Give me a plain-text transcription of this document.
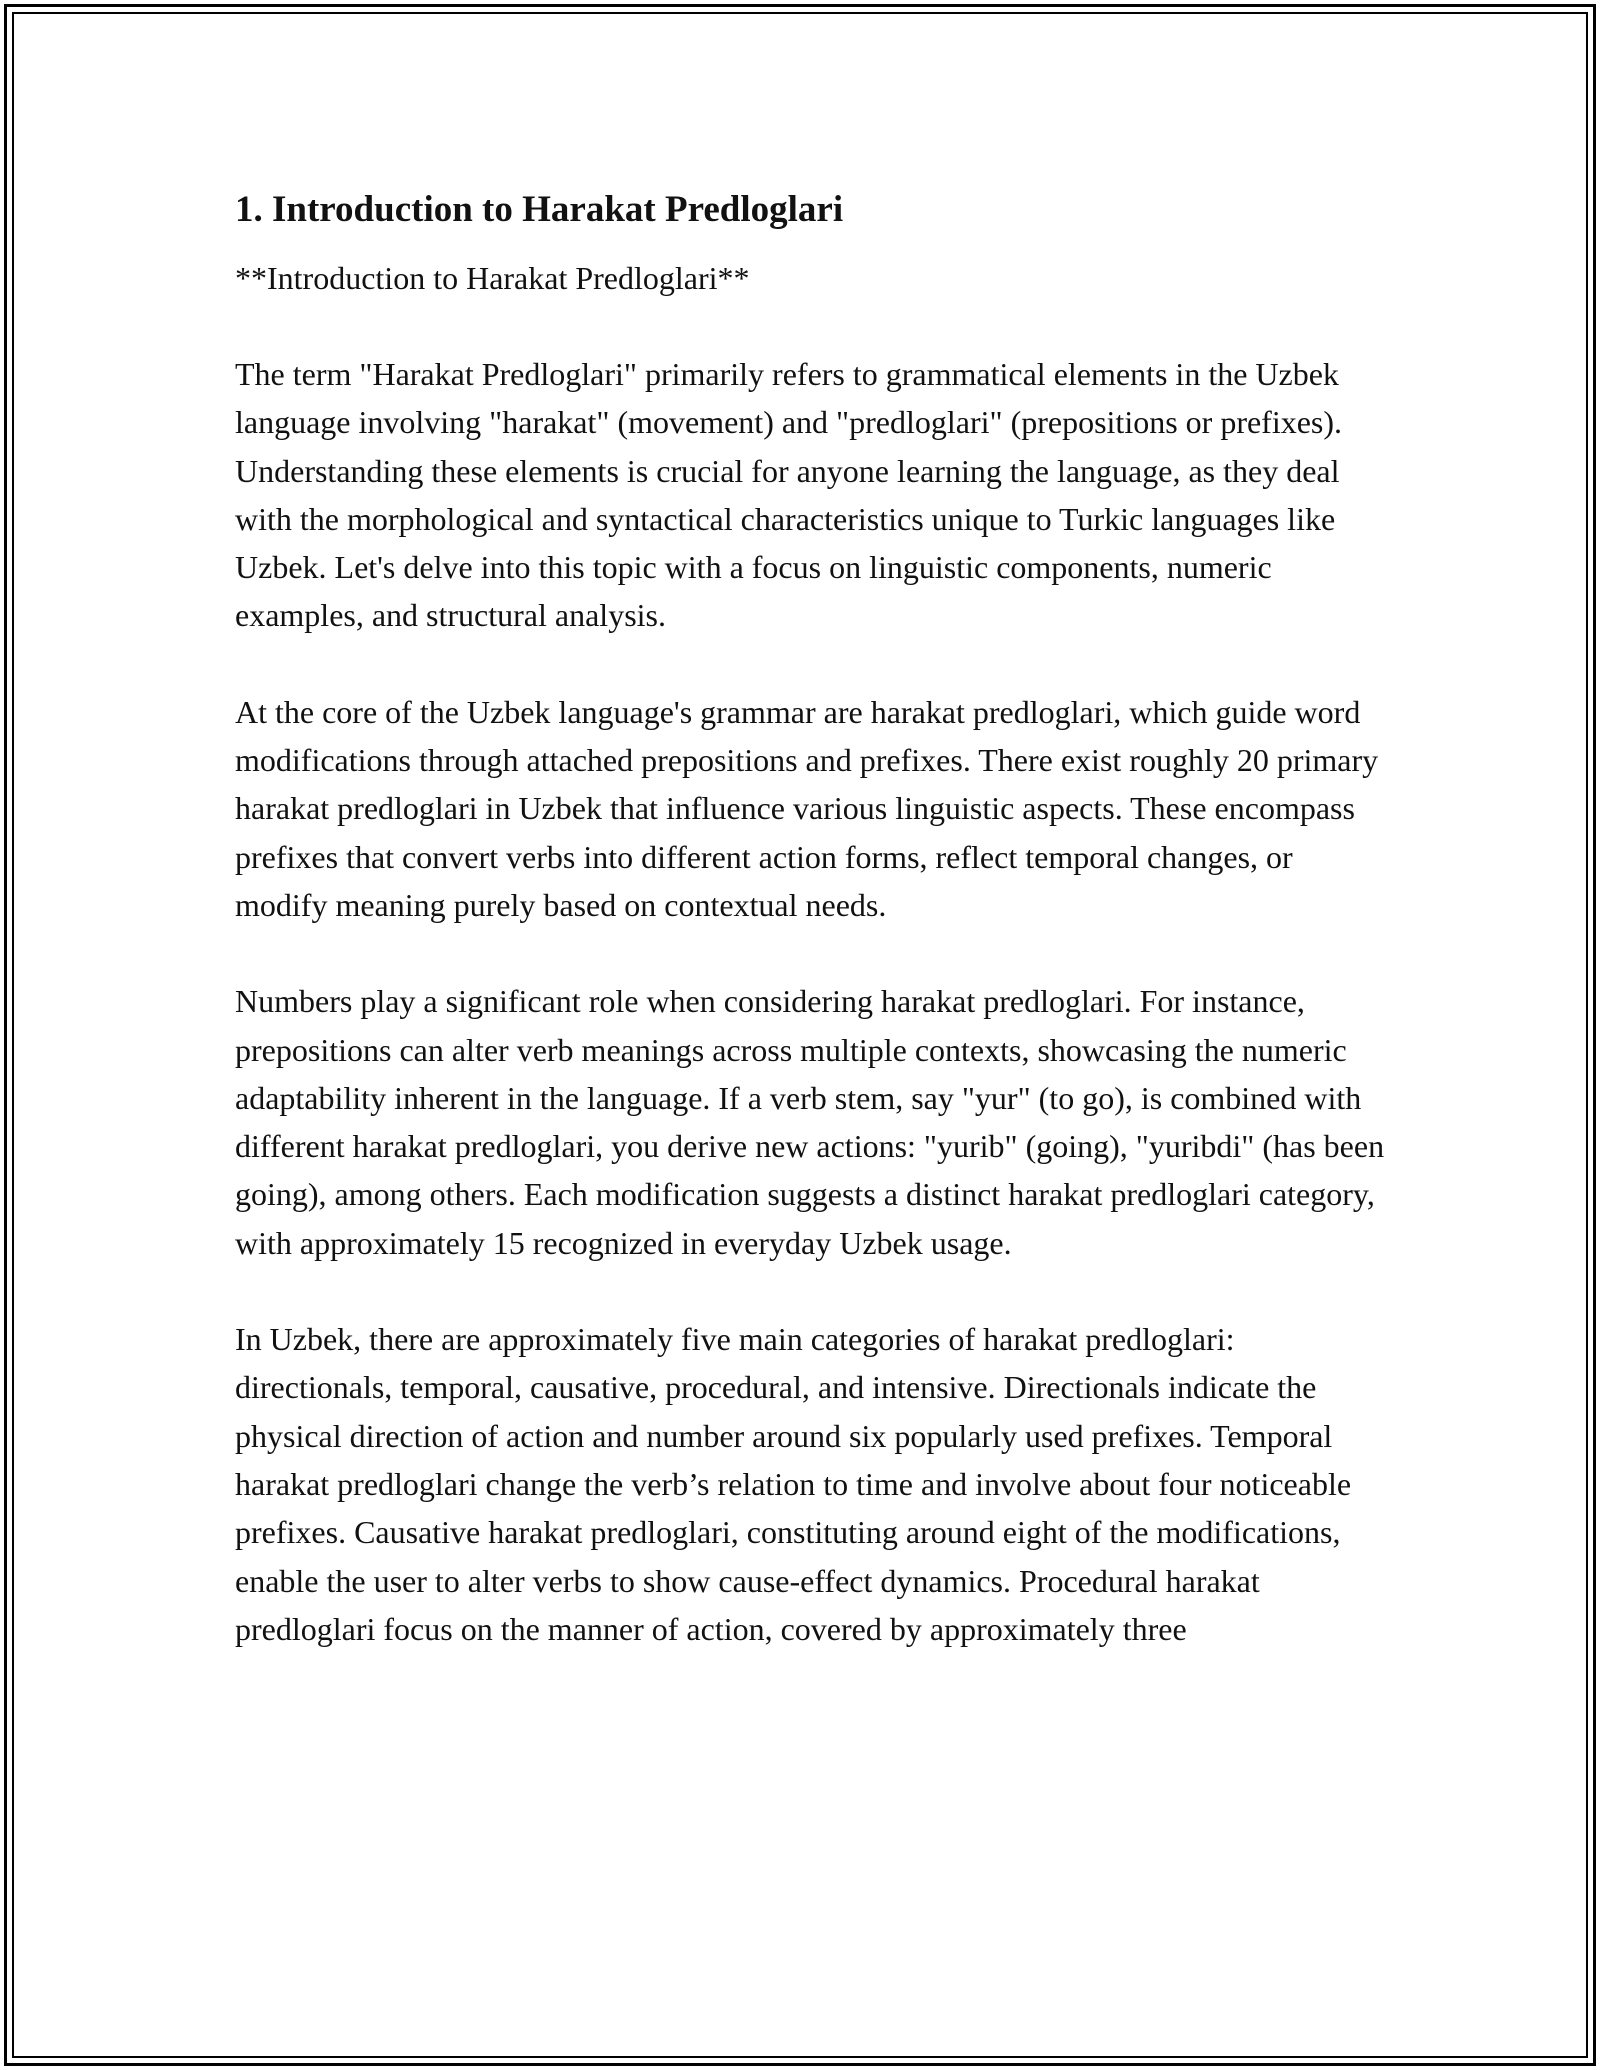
1. Introduction to Harakat Predloglari

**Introduction to Harakat Predloglari**

The term "Harakat Predloglari" primarily refers to grammatical elements in the Uzbek language involving "harakat" (movement) and "predloglari" (prepositions or prefixes). Understanding these elements is crucial for anyone learning the language, as they deal with the morphological and syntactical characteristics unique to Turkic languages like Uzbek. Let's delve into this topic with a focus on linguistic components, numeric examples, and structural analysis.

At the core of the Uzbek language's grammar are harakat predloglari, which guide word modifications through attached prepositions and prefixes. There exist roughly 20 primary harakat predloglari in Uzbek that influence various linguistic aspects. These encompass prefixes that convert verbs into different action forms, reflect temporal changes, or modify meaning purely based on contextual needs.

Numbers play a significant role when considering harakat predloglari. For instance, prepositions can alter verb meanings across multiple contexts, showcasing the numeric adaptability inherent in the language. If a verb stem, say "yur" (to go), is combined with different harakat predloglari, you derive new actions: "yurib" (going), "yuribdi" (has been going), among others. Each modification suggests a distinct harakat predloglari category, with approximately 15 recognized in everyday Uzbek usage.

In Uzbek, there are approximately five main categories of harakat predloglari: directionals, temporal, causative, procedural, and intensive. Directionals indicate the physical direction of action and number around six popularly used prefixes. Temporal harakat predloglari change the verb’s relation to time and involve about four noticeable prefixes. Causative harakat predloglari, constituting around eight of the modifications, enable the user to alter verbs to show cause-effect dynamics. Procedural harakat predloglari focus on the manner of action, covered by approximately three
